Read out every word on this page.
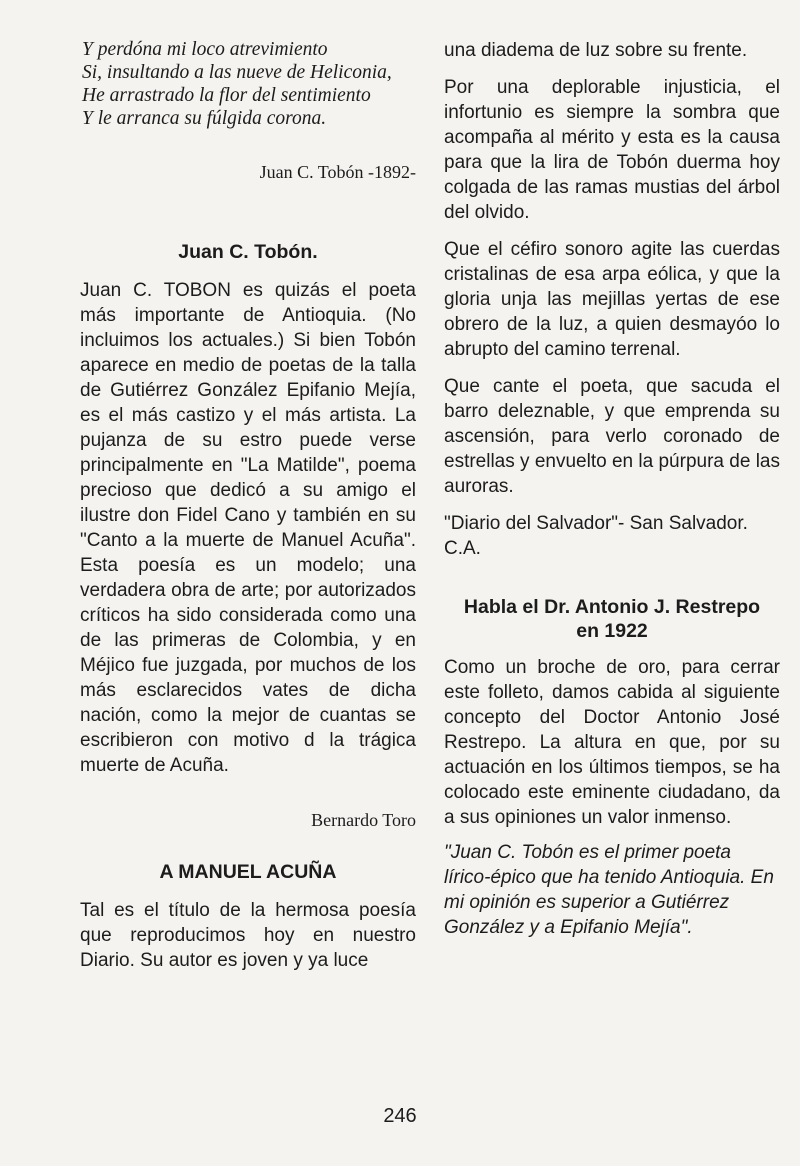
Y perdóna mi loco atrevimiento

Si, insultando a las nueve de Heliconia,

He arrastrado la flor del sentimiento

Y le arranca su fúlgida corona.

Juan C. Tobón -1892-

Juan C. Tobón.

Juan C. TOBON es quizás el poeta más importante de Antioquia. (No incluimos los actuales.) Si bien Tobón aparece en medio de poetas de la talla de Gutiérrez González Epifanio Mejía, es el más castizo y el más artista. La pujanza de su estro puede verse principalmente en "La Matilde", poema precioso que dedicó a su amigo el ilustre don Fidel Cano y también en su "Canto a la muerte de Manuel Acuña". Esta poesía es un modelo; una verdadera obra de arte; por autorizados críticos ha sido considerada como una de las primeras de Colombia, y en Méjico fue juzgada, por muchos de los más esclarecidos vates de dicha nación, como la mejor de cuantas se escribieron con motivo d la trágica muerte de Acuña.

Bernardo Toro

A MANUEL ACUÑA

Tal es el título de la hermosa poesía que reproducimos hoy en nuestro Diario. Su autor es joven y ya luce

una diadema de luz sobre su frente.

Por una deplorable injusticia, el infortunio es siempre la sombra que acompaña al mérito y esta es la causa para que la lira de Tobón duerma hoy colgada de las ramas mustias del árbol del olvido.

Que el céfiro sonoro agite las cuerdas cristalinas de esa arpa eólica, y que la gloria unja las mejillas yertas de ese obrero de la luz, a quien desmayóo lo abrupto del camino terrenal.

Que cante el poeta, que sacuda el barro deleznable, y que emprenda su ascensión, para verlo coronado de estrellas y envuelto en la púrpura de las auroras.

"Diario del Salvador"- San Salvador. C.A.

Habla el Dr. Antonio J. Restrepo en 1922

Como un broche de oro, para cerrar este folleto, damos cabida al siguiente concepto del Doctor Antonio José Restrepo. La altura en que, por su actuación en los últimos tiempos, se ha colocado este eminente ciudadano, da a sus opiniones un valor inmenso.

"Juan C. Tobón es el primer poeta lírico-épico que ha tenido Antioquia. En mi opinión es superior a Gutiérrez González y a Epifanio Mejía".

246
